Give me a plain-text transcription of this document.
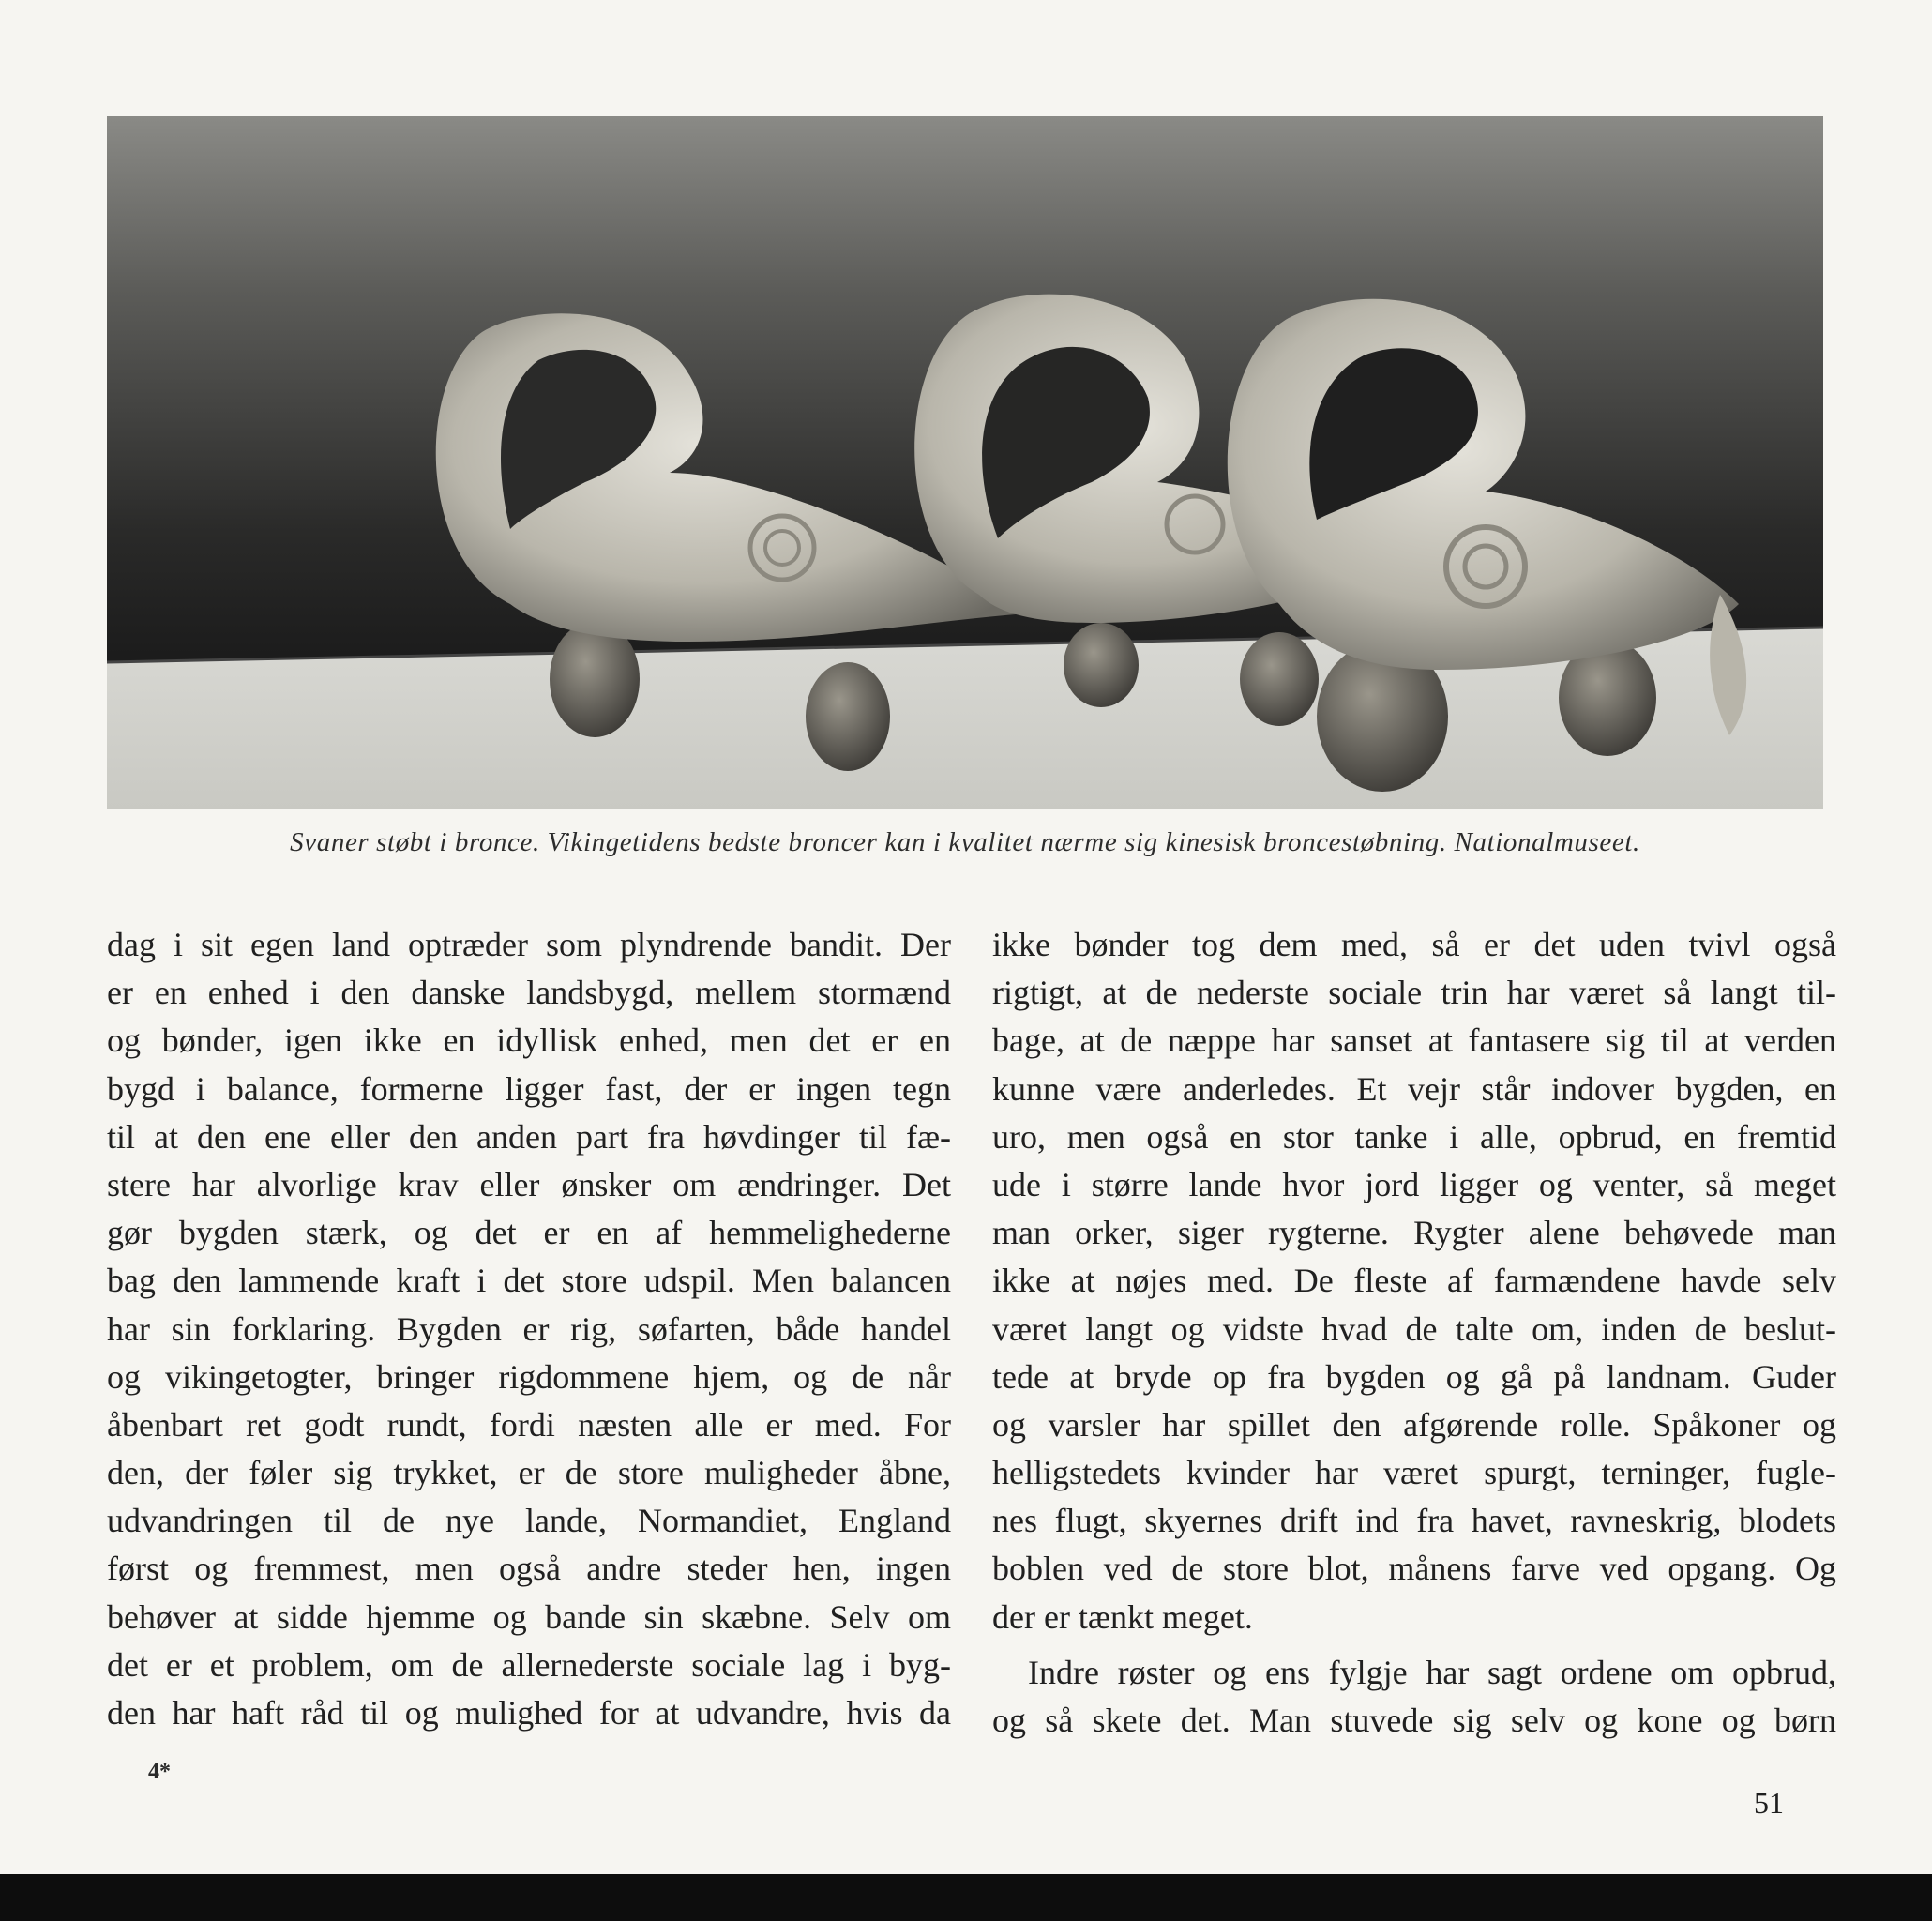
Svaner støbt i bronce. Vikingetidens bedste broncer kan i kvalitet nærme sig kinesisk broncestøbning. Nationalmuseet.
dag i sit egen land optræder som plyndrende bandit. Der
er en enhed i den danske landsbygd, mellem stormænd
og bønder, igen ikke en idyllisk enhed, men det er en
bygd i balance, formerne ligger fast, der er ingen tegn
til at den ene eller den anden part fra høvdinger til fæ-
stere har alvorlige krav eller ønsker om ændringer. Det
gør bygden stærk, og det er en af hemmelighederne
bag den lammende kraft i det store udspil. Men balancen
har sin forklaring. Bygden er rig, søfarten, både handel
og vikingetogter, bringer rigdommene hjem, og de når
åbenbart ret godt rundt, fordi næsten alle er med. For
den, der føler sig trykket, er de store muligheder åbne,
udvandringen til de nye lande, Normandiet, England
først og fremmest, men også andre steder hen, ingen
behøver at sidde hjemme og bande sin skæbne. Selv om
det er et problem, om de allernederste sociale lag i byg-
den har haft råd til og mulighed for at udvandre, hvis da
ikke bønder tog dem med, så er det uden tvivl også
rigtigt, at de nederste sociale trin har været så langt til-
bage, at de næppe har sanset at fantasere sig til at verden
kunne være anderledes. Et vejr står indover bygden, en
uro, men også en stor tanke i alle, opbrud, en fremtid
ude i større lande hvor jord ligger og venter, så meget
man orker, siger rygterne. Rygter alene behøvede man
ikke at nøjes med. De fleste af farmændene havde selv
været langt og vidste hvad de talte om, inden de beslut-
tede at bryde op fra bygden og gå på landnam. Guder
og varsler har spillet den afgørende rolle. Spåkoner og
helligstedets kvinder har været spurgt, terninger, fugle-
nes flugt, skyernes drift ind fra havet, ravneskrig, blodets
boblen ved de store blot, månens farve ved opgang. Og
der er tænkt meget.
Indre røster og ens fylgje har sagt ordene om opbrud,
og så skete det. Man stuvede sig selv og kone og børn
4*
51
